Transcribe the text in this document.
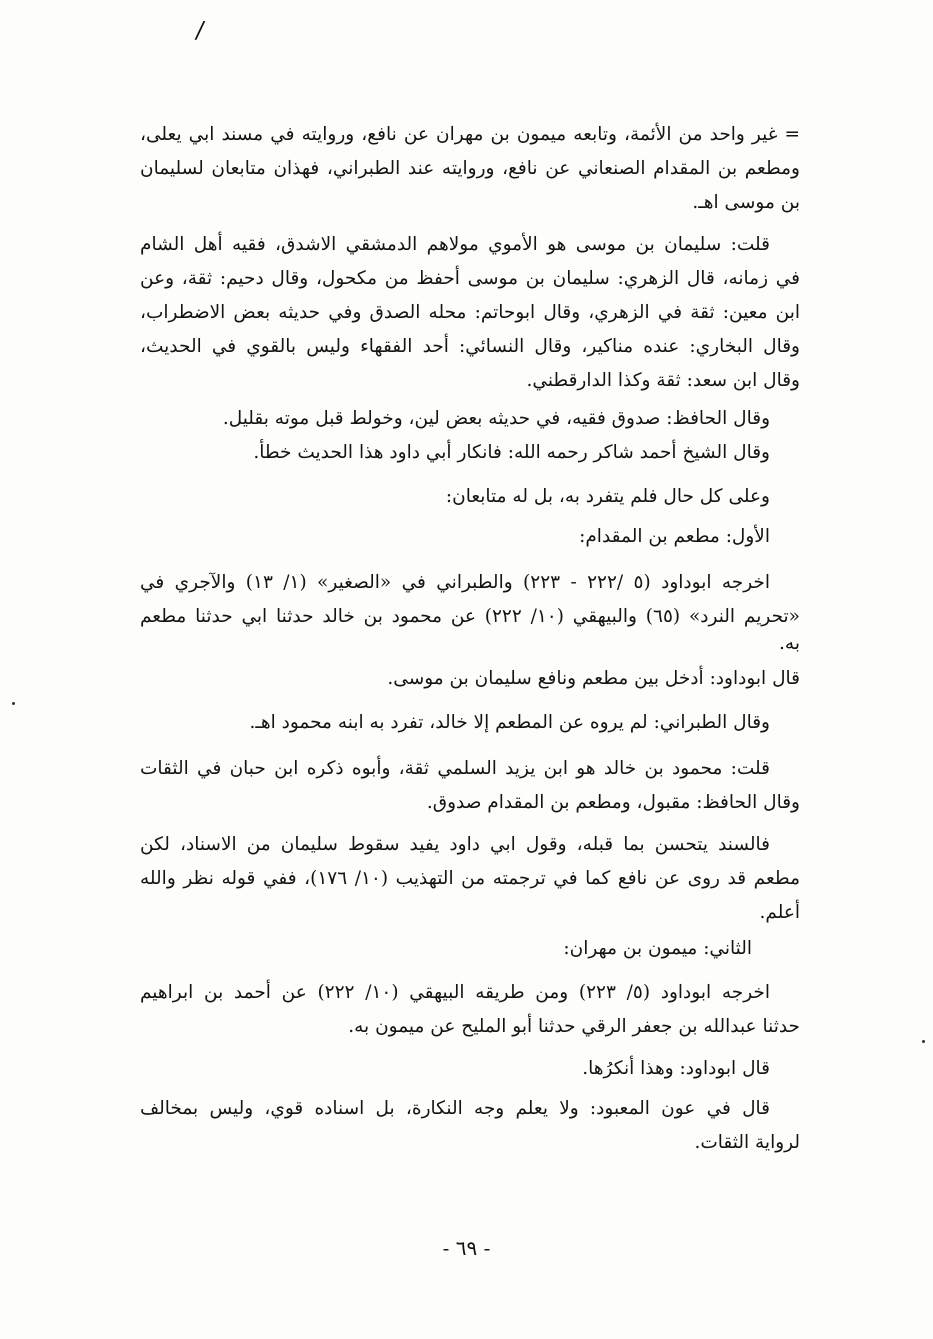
/
= غير واحد من الأئمة، وتابعه ميمون بن مهران عن نافع، وروايته في مسند ابي يعلى،
ومطعم بن المقدام الصنعاني عن نافع، وروايته عند الطبراني، فهذان متابعان لسليمان
بن موسى اهـ.
قلت: سليمان بن موسى هو الأموي مولاهم الدمشقي الاشدق، فقيه أهل الشام
في زمانه، قال الزهري: سليمان بن موسى أحفظ من مكحول، وقال دحيم: ثقة، وعن
ابن معين: ثقة في الزهري، وقال ابوحاتم: محله الصدق وفي حديثه بعض الاضطراب،
وقال البخاري: عنده مناكير، وقال النسائي: أحد الفقهاء وليس بالقوي في الحديث،
وقال ابن سعد: ثقة وكذا الدارقطني.
وقال الحافظ: صدوق فقيه، في حديثه بعض لين، وخولط قبل موته بقليل.
وقال الشيخ أحمد شاكر رحمه الله: فانكار أبي داود هذا الحديث خطأ.
وعلى كل حال فلم يتفرد به، بل له متابعان:
الأول: مطعم بن المقدام:
اخرجه ابوداود (٥ /٢٢٢ - ٢٢٣) والطبراني في «الصغير» (١/ ١٣) والآجري في
«تحريم النرد» (٦٥) والبيهقي (١٠/ ٢٢٢) عن محمود بن خالد حدثنا ابي حدثنا مطعم
به.
قال ابوداود: أدخل بين مطعم ونافع سليمان بن موسى.
وقال الطبراني: لم يروه عن المطعم إلا خالد، تفرد به ابنه محمود اهـ.
قلت: محمود بن خالد هو ابن يزيد السلمي ثقة، وأبوه ذكره ابن حبان في الثقات
وقال الحافظ: مقبول، ومطعم بن المقدام صدوق.
فالسند يتحسن بما قبله، وقول ابي داود يفيد سقوط سليمان من الاسناد، لكن
مطعم قد روى عن نافع كما في ترجمته من التهذيب (١٠/ ١٧٦)، ففي قوله نظر والله
أعلم.
الثاني: ميمون بن مهران:
اخرجه ابوداود (٥/ ٢٢٣) ومن طريقه البيهقي (١٠/ ٢٢٢) عن أحمد بن ابراهيم
حدثنا عبدالله بن جعفر الرقي حدثنا أبو المليح عن ميمون به.
قال ابوداود: وهذا أنكرُها.
قال في عون المعبود: ولا يعلم وجه النكارة، بل اسناده قوي، وليس بمخالف
لرواية الثقات.
- ٦٩ -
